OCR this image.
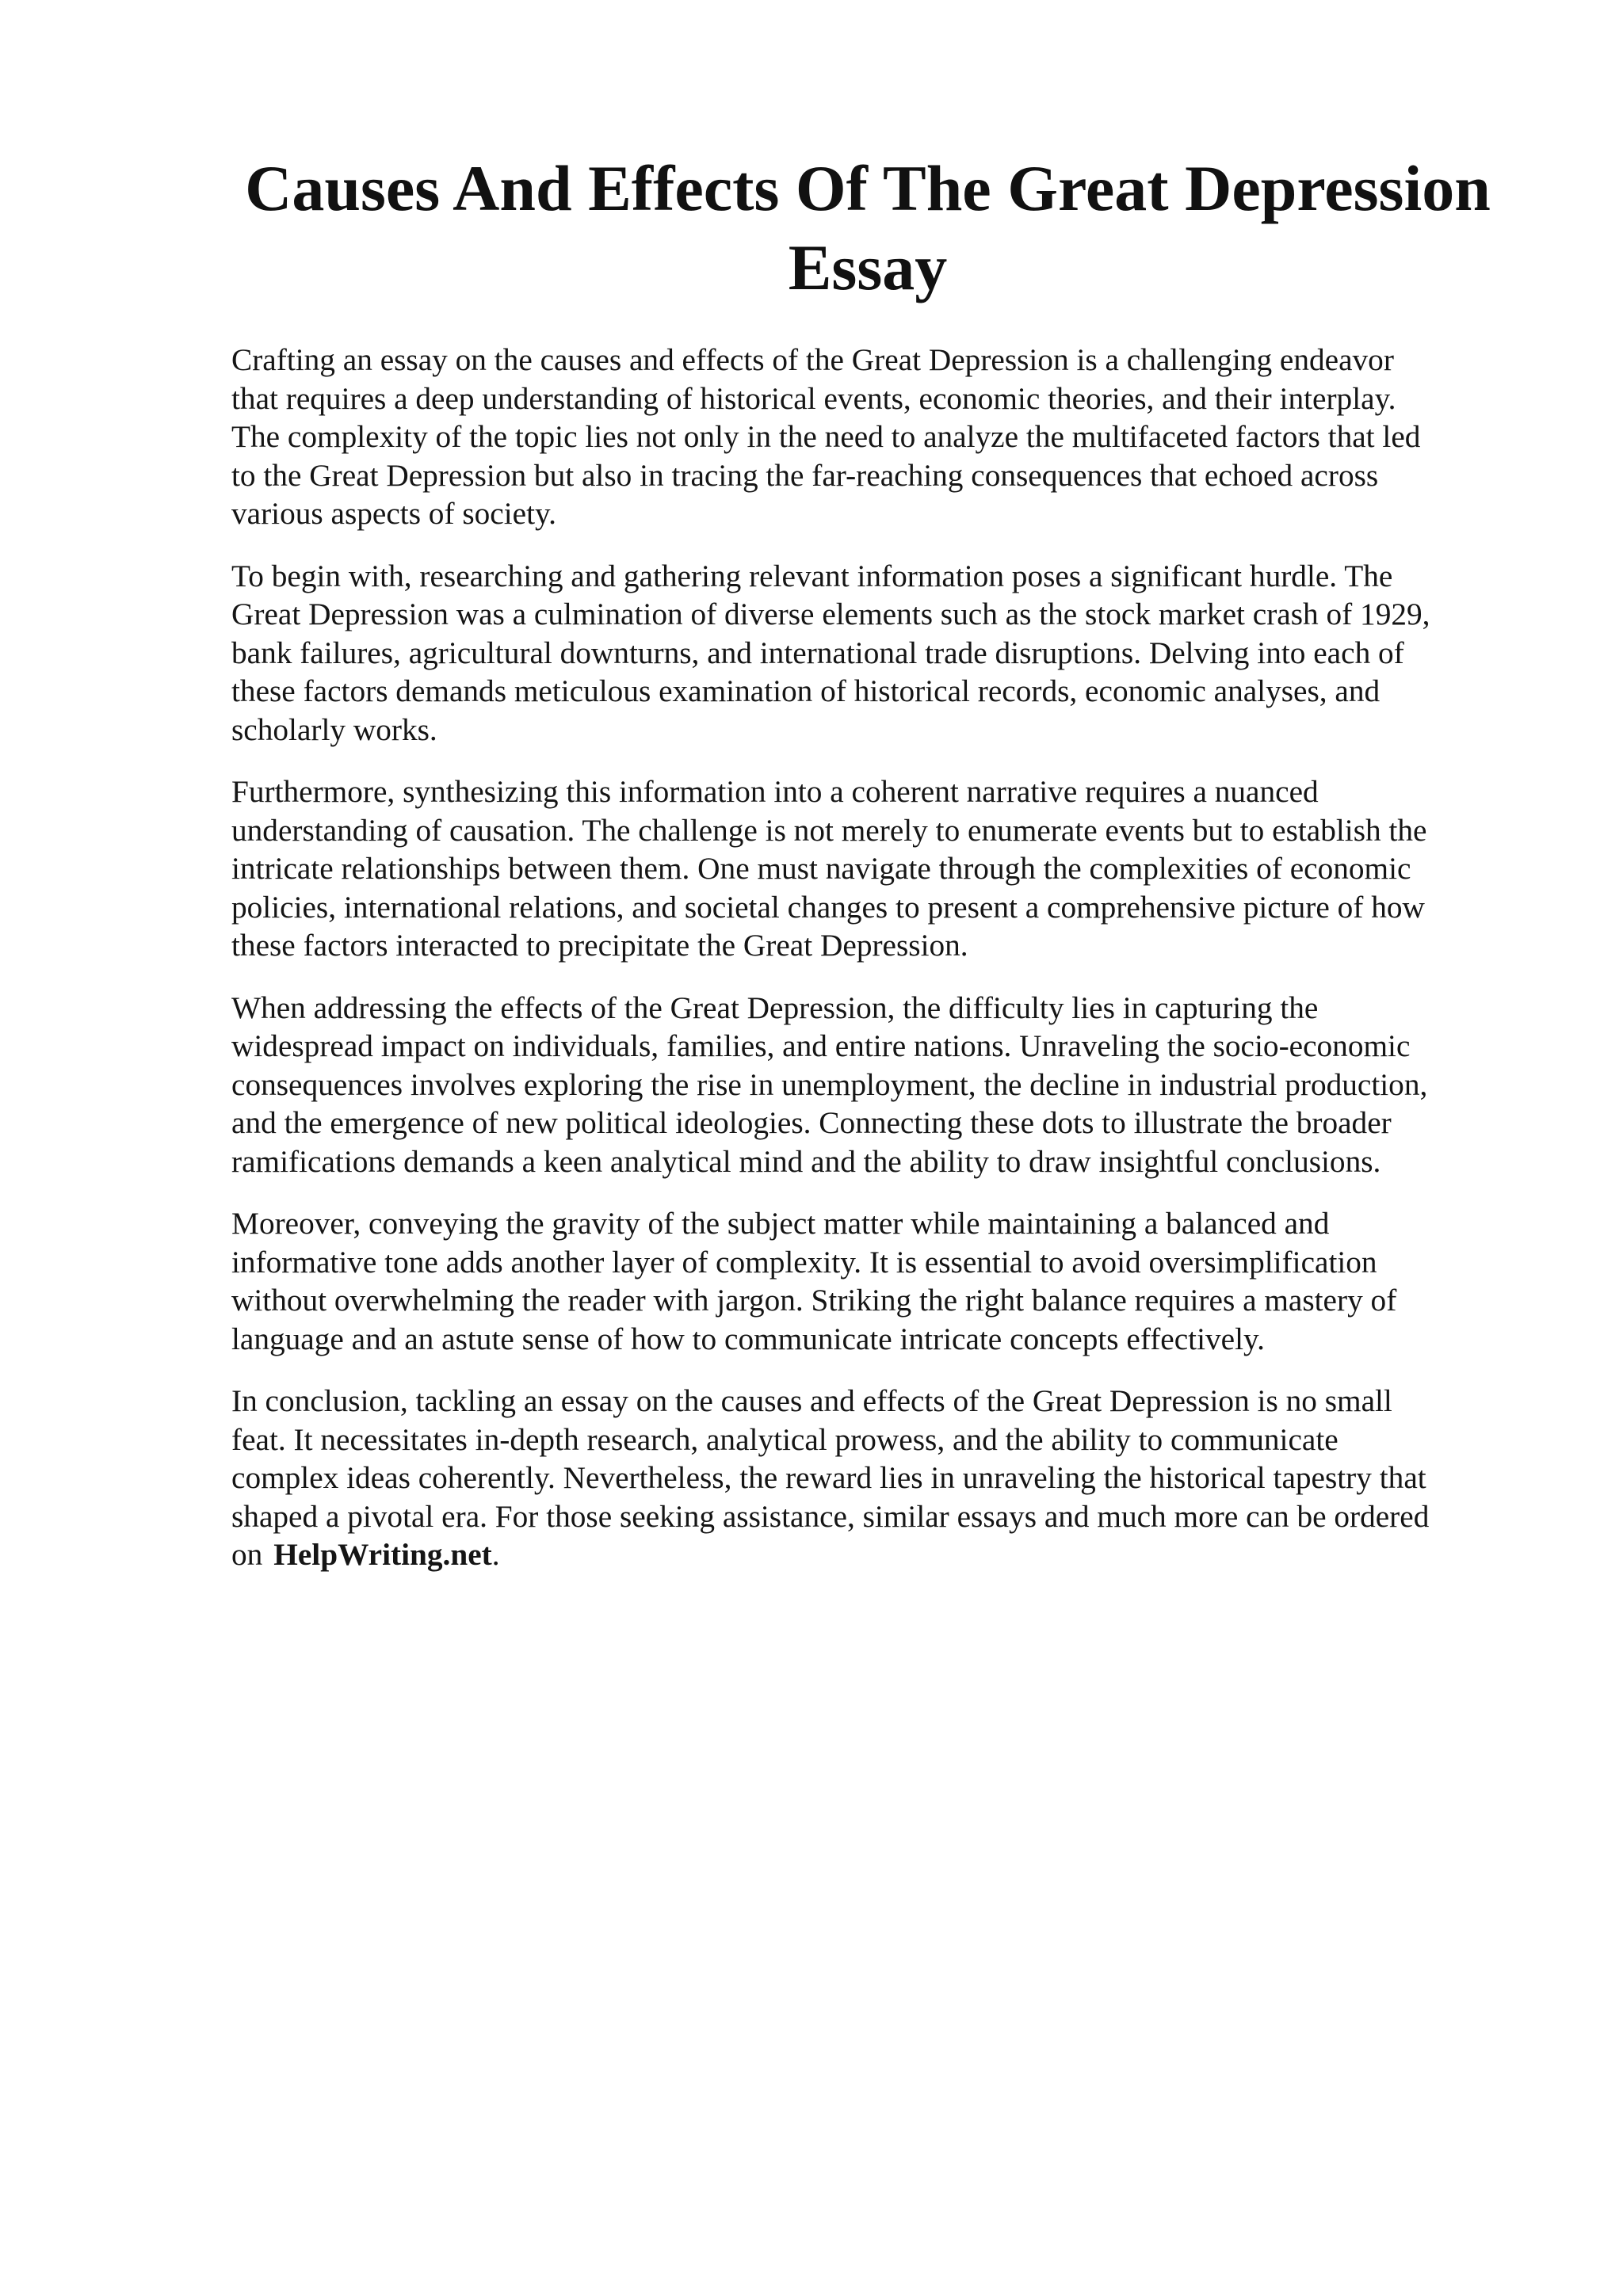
Causes And Effects Of The Great Depression Essay

Crafting an essay on the causes and effects of the Great Depression is a challenging endeavor
that requires a deep understanding of historical events, economic theories, and their interplay.
The complexity of the topic lies not only in the need to analyze the multifaceted factors that led
to the Great Depression but also in tracing the far-reaching consequences that echoed across
various aspects of society.

To begin with, researching and gathering relevant information poses a significant hurdle. The
Great Depression was a culmination of diverse elements such as the stock market crash of 1929,
bank failures, agricultural downturns, and international trade disruptions. Delving into each of
these factors demands meticulous examination of historical records, economic analyses, and
scholarly works.

Furthermore, synthesizing this information into a coherent narrative requires a nuanced
understanding of causation. The challenge is not merely to enumerate events but to establish the
intricate relationships between them. One must navigate through the complexities of economic
policies, international relations, and societal changes to present a comprehensive picture of how
these factors interacted to precipitate the Great Depression.

When addressing the effects of the Great Depression, the difficulty lies in capturing the
widespread impact on individuals, families, and entire nations. Unraveling the socio-economic
consequences involves exploring the rise in unemployment, the decline in industrial production,
and the emergence of new political ideologies. Connecting these dots to illustrate the broader
ramifications demands a keen analytical mind and the ability to draw insightful conclusions.

Moreover, conveying the gravity of the subject matter while maintaining a balanced and
informative tone adds another layer of complexity. It is essential to avoid oversimplification
without overwhelming the reader with jargon. Striking the right balance requires a mastery of
language and an astute sense of how to communicate intricate concepts effectively.

In conclusion, tackling an essay on the causes and effects of the Great Depression is no small
feat. It necessitates in-depth research, analytical prowess, and the ability to communicate
complex ideas coherently. Nevertheless, the reward lies in unraveling the historical tapestry that
shaped a pivotal era. For those seeking assistance, similar essays and much more can be ordered
on HelpWriting.net.
